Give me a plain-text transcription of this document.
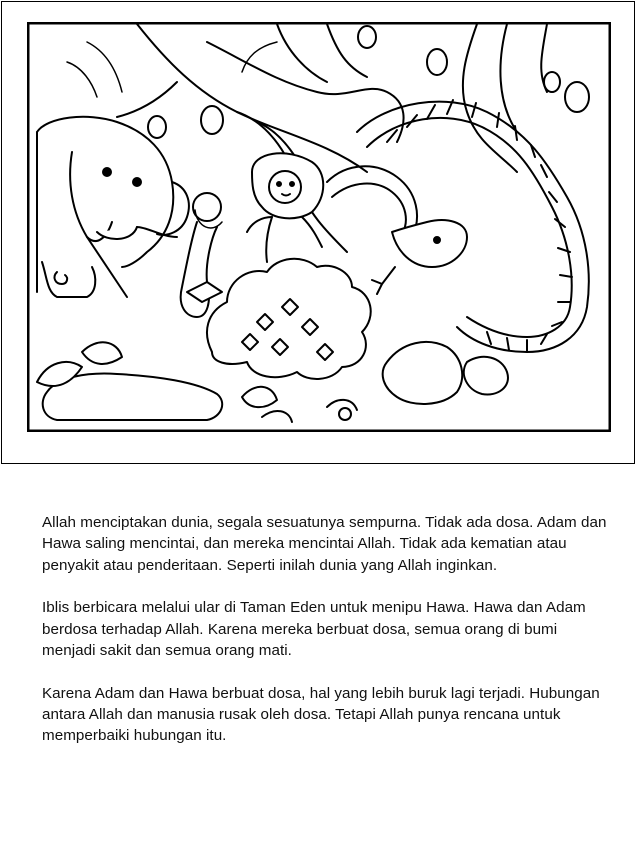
Allah menciptakan dunia, segala sesuatunya sempurna. Tidak ada dosa. Adam dan Hawa saling mencintai, dan mereka mencintai Allah. Tidak ada kematian atau penyakit atau penderitaan. Seperti inilah dunia yang Allah inginkan.

Iblis berbicara melalui ular di Taman Eden untuk menipu Hawa. Hawa dan Adam berdosa terhadap Allah. Karena mereka berbuat dosa, semua orang di bumi menjadi sakit dan semua orang mati.

Karena Adam dan Hawa berbuat dosa, hal yang lebih buruk lagi terjadi. Hubungan antara Allah dan manusia rusak oleh dosa. Tetapi Allah punya rencana untuk memperbaiki hubungan itu.
